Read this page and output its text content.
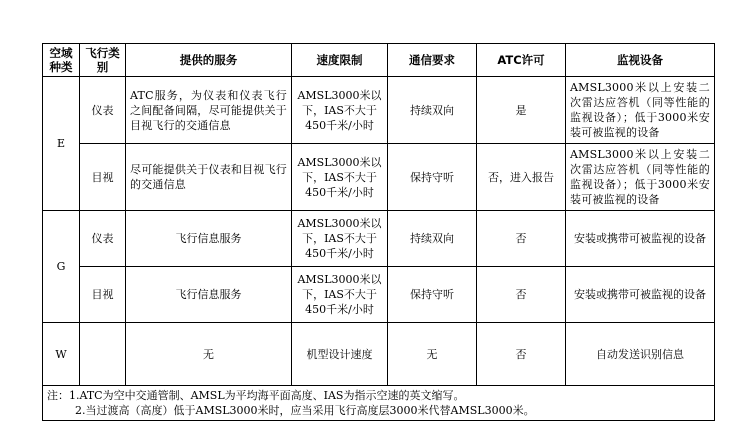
空域种类	飞行类别	提供的服务	速度限制	通信要求	ATC许可	监视设备
E	仪表	ATC服务，为仪表和仪表飞行之间配备间隔，尽可能提供关于目视飞行的交通信息	AMSL3000米以下，IAS不大于450千米/小时	持续双向	是	AMSL3000米以上安装二次雷达应答机（同等性能的监视设备）；低于3000米安装可被监视的设备
	目视	尽可能提供关于仪表和目视飞行的交通信息	AMSL3000米以下，IAS不大于450千米/小时	保持守听	否，进入报告	AMSL3000米以上安装二次雷达应答机（同等性能的监视设备）；低于3000米安装可被监视的设备
G	仪表	飞行信息服务	AMSL3000米以下，IAS不大于450千米/小时	持续双向	否	安装或携带可被监视的设备
	目视	飞行信息服务	AMSL3000米以下，IAS不大于450千米/小时	保持守听	否	安装或携带可被监视的设备
W		无	机型设计速度	无	否	自动发送识别信息

注：1.ATC为空中交通管制、AMSL为平均海平面高度、IAS为指示空速的英文缩写。
2.当过渡高（高度）低于AMSL3000米时，应当采用飞行高度层3000米代替AMSL3000米。						
